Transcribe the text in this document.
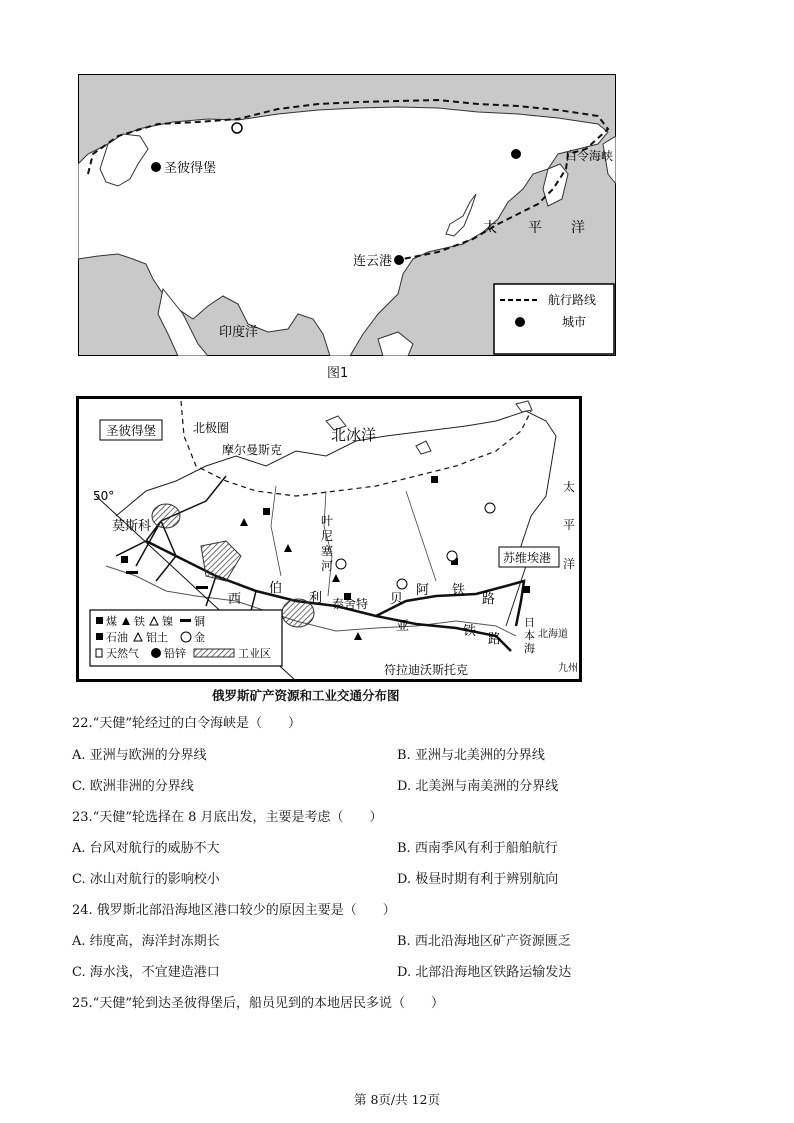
圣彼得堡
连云港
白令海峡
太 平 洋
印度洋
航行路线
城市
图1
圣彼得堡	北极圈
摩尔曼斯克
北冰洋
50°
莫斯科	叶
尼
塞
河
西
伯
利
亚	铁
路
贝
阿 铁
路
泰舍特
苏维埃港
太
平
洋
日
本
海
北海道
九州
符拉迪沃斯托克
煤 铁 镍 铜
石油 铝土 金
天然气 铅锌	工业区
俄罗斯矿产资源和工业交通分布图
22.“天健”轮经过的白令海峡是（　　）
A. 亚洲与欧洲的分界线	B. 亚洲与北美洲的分界线
C. 欧洲非洲的分界线	D. 北美洲与南美洲的分界线
23.“天健”轮选择在 8 月底出发，主要是考虑（　　）
A. 台风对航行的威胁不大	B. 西南季风有利于船舶航行
C. 冰山对航行的影响校小	D. 极昼时期有利于辨别航向
24. 俄罗斯北部沿海地区港口较少的原因主要是（　　）
A. 纬度高，海洋封冻期长	B. 西北沿海地区矿产资源匮乏
C. 海水浅，不宜建造港口	D. 北部沿海地区铁路运输发达
25.“天健”轮到达圣彼得堡后，船员见到的本地居民多说（　　）
第 8页/共 12页
